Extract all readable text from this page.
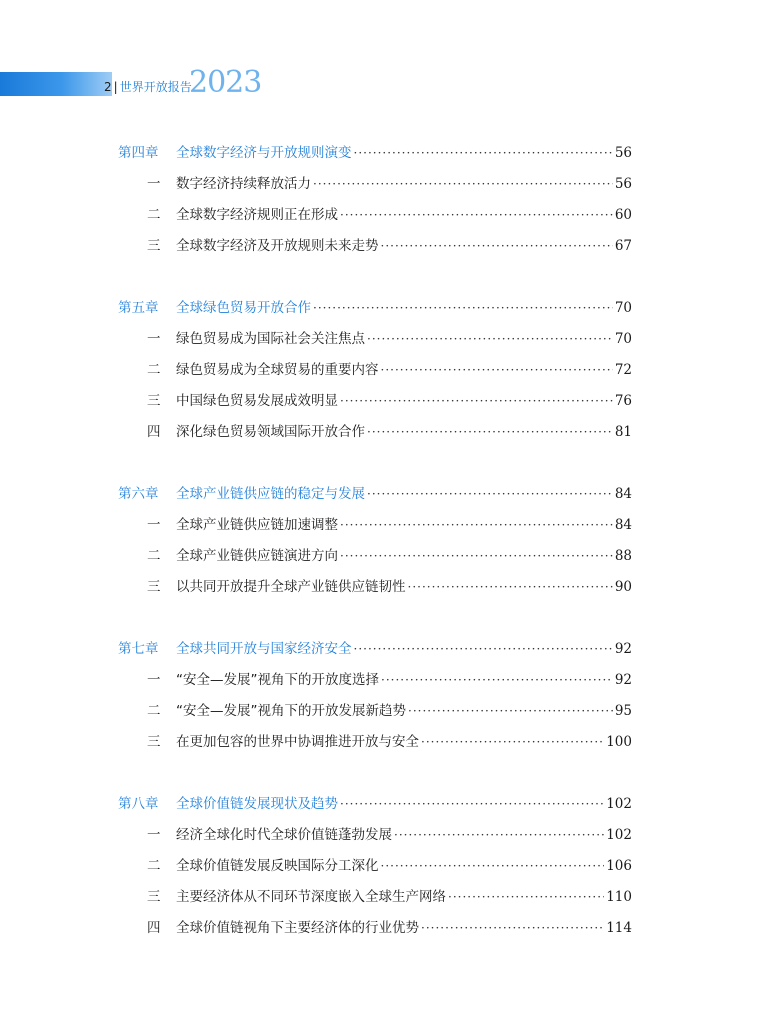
2 | 世界开放报告
2023
第四章 全球数字经济与开放规则演变 ·····	56
一 数字经济持续释放活力 ·····	56
二 全球数字经济规则正在形成 ·····	60
三 全球数字经济及开放规则未来走势 ·····	67
第五章 全球绿色贸易开放合作 ·····	70
一 绿色贸易成为国际社会关注焦点 ·····	70
二 绿色贸易成为全球贸易的重要内容 ·····	72
三 中国绿色贸易发展成效明显 ·····	76
四 深化绿色贸易领域国际开放合作 ·····	81
第六章 全球产业链供应链的稳定与发展 ·····	84
一 全球产业链供应链加速调整 ·····	84
二 全球产业链供应链演进方向 ·····	88
三 以共同开放提升全球产业链供应链韧性 ·····	90
第七章 全球共同开放与国家经济安全 ·····	92
一 “安全—发展”视角下的开放度选择 ·····	92
二 “安全—发展”视角下的开放发展新趋势 ·····	95
三 在更加包容的世界中协调推进开放与安全 ·····	100
第八章 全球价值链发展现状及趋势 ·····	102
一 经济全球化时代全球价值链蓬勃发展 ·····	102
二 全球价值链发展反映国际分工深化 ·····	106
三 主要经济体从不同环节深度嵌入全球生产网络 ·····	110
四 全球价值链视角下主要经济体的行业优势 ·····	114
